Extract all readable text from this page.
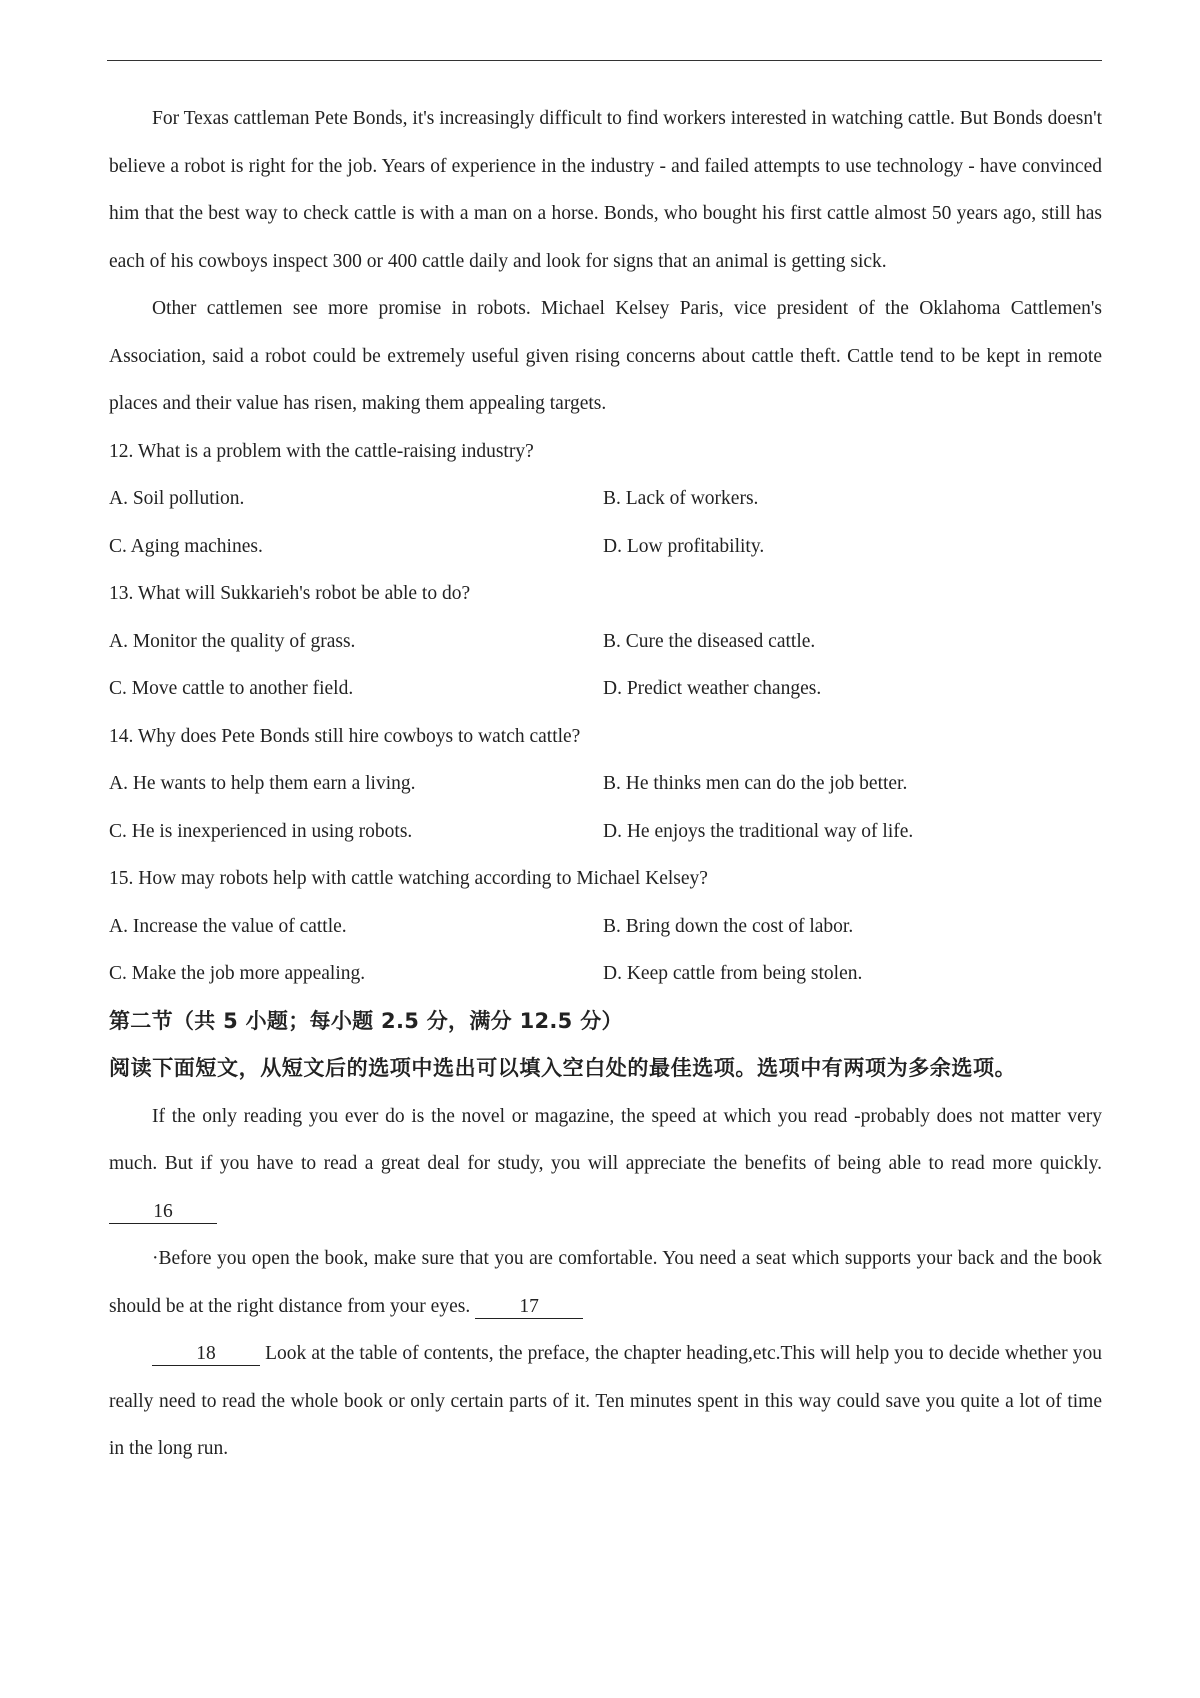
For Texas cattleman Pete Bonds, it's increasingly difficult to find workers interested in watching cattle. But Bonds doesn't believe a robot is right for the job. Years of experience in the industry - and failed attempts to use technology - have convinced him that the best way to check cattle is with a man on a horse. Bonds, who bought his first cattle almost 50 years ago, still has each of his cowboys inspect 300 or 400 cattle daily and look for signs that an animal is getting sick.

Other cattlemen see more promise in robots. Michael Kelsey Paris, vice president of the Oklahoma Cattlemen's Association, said a robot could be extremely useful given rising concerns about cattle theft. Cattle tend to be kept in remote places and their value has risen, making them appealing targets.

12. What is a problem with the cattle-raising industry?

A. Soil pollution.	B. Lack of workers.
C. Aging machines.	D. Low profitability.

13. What will Sukkarieh's robot be able to do?

A. Monitor the quality of grass.	B. Cure the diseased cattle.
C. Move cattle to another field.	D. Predict weather changes.

14. Why does Pete Bonds still hire cowboys to watch cattle?

A. He wants to help them earn a living.	B. He thinks men can do the job better.
C. He is inexperienced in using robots.	D. He enjoys the traditional way of life.

15. How may robots help with cattle watching according to Michael Kelsey?

A. Increase the value of cattle.	B. Bring down the cost of labor.
C. Make the job more appealing.	D. Keep cattle from being stolen.

第二节（共 5 小题；每小题 2.5 分，满分 12.5 分）

阅读下面短文，从短文后的选项中选出可以填入空白处的最佳选项。选项中有两项为多余选项。

If the only reading you ever do is the novel or magazine, the speed at which you read -probably does not matter very much. But if you have to read a great deal for study, you will appreciate the benefits of being able to read more quickly. 16

·Before you open the book, make sure that you are comfortable. You need a seat which supports your back and the book should be at the right distance from your eyes.	17

18	Look at the table of contents, the preface, the chapter heading,etc.This will help you to decide whether you really need to read the whole book or only certain parts of it. Ten minutes spent in this way could save you quite a lot of time in the long run.
